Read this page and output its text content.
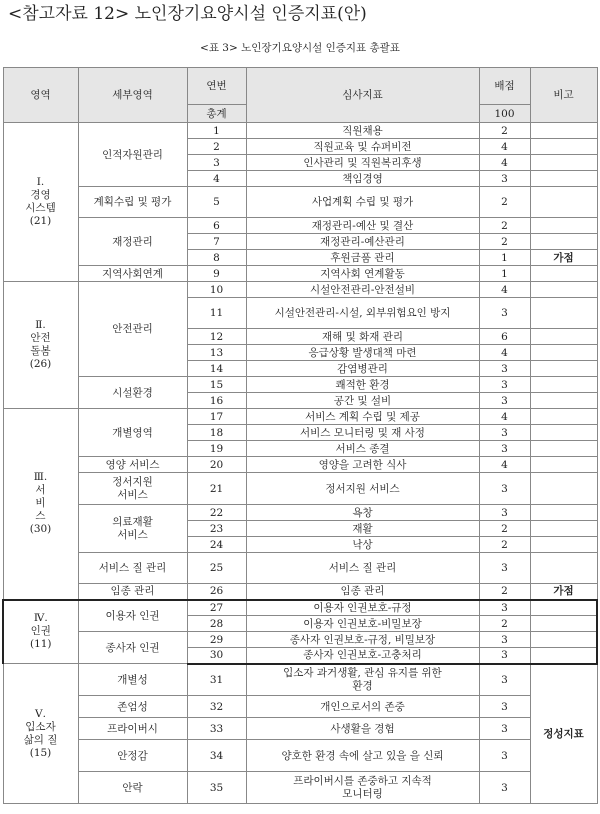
<참고자료 12> 노인장기요양시설 인증지표(안)
<표 3> 노인장기요양시설 인증지표 총괄표
영역	세부영역	연번	심사지표	배점	비고
		총계		100	
Ⅰ.
경영
시스템
(21)	인적자원관리	1	직원채용	2	
		2	직원교육 및 슈퍼비전	4	
		3	인사관리 및 직원복리후생	4	
		4	책임경영	3	
	계획수립 및 평가	5	사업계획 수립 및 평가	2	
	재정관리	6	재정관리-예산 및 결산	2	
		7	재정관리-예산관리	2	
		8	후원금품 관리	1	가점
	지역사회연계	9	지역사회 연계활동	1	
Ⅱ.
안전
돌봄
(26)	안전관리	10	시설안전관리-안전설비	4	
		11	시설안전관리-시설, 외부위험요인 방지	3	
		12	재해 및 화재 관리	6	
		13	응급상황 발생대책 마련	4	
		14	감염병관리	3	
	시설환경	15	쾌적한 환경	3	
		16	공간 및 설비	3	
Ⅲ.
서
비
스
(30)	개별영역	17	서비스 계획 수립 및 제공	4	
		18	서비스 모니터링 및 재 사정	3	
		19	서비스 종결	3	
	영양 서비스	20	영양을 고려한 식사	4	
	정서지원
서비스	21	정서지원 서비스	3	
	의료재활
서비스	22	욕창	3	
		23	재활	2	
		24	낙상	2	
	서비스 질 관리	25	서비스 질 관리	3	
	임종 관리	26	임종 관리	2	가점
Ⅳ.
인권
(11)	이용자 인권	27	이용자 인권보호-규정	3	
		28	이용자 인권보호-비밀보장	2	
	종사자 인권	29	종사자 인권보호-규정, 비밀보장	3	
		30	종사자 인권보호-고충처리	3	
Ⅴ.
입소자
삶의 질
(15)	개별성	31	입소자 과거생활, 관심 유지를 위한
환경	3	정성지표
	존엄성	32	개인으로서의 존중	3	
	프라이버시	33	사생활을 경험	3	
	안정감	34	양호한 환경 속에 살고 있을 을 신뢰	3	
	안락	35	프라이버시를 존중하고 지속적
모니터링	3	
